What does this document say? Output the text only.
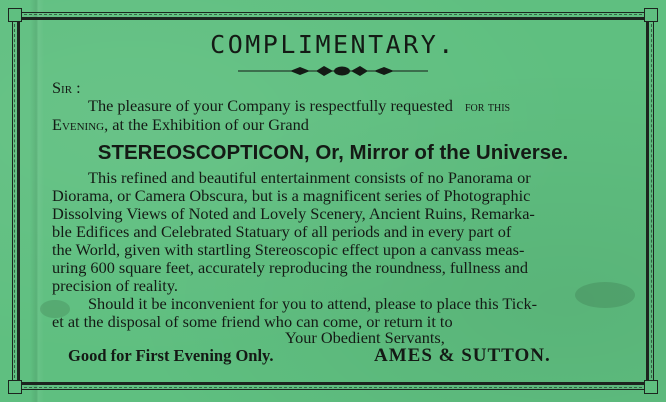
COMPLIMENTARY.
Sir :
The pleasure of your Company is respectfully requested for this
Evening, at the Exhibition of our Grand
STEREOSCOPTICON, Or, Mirror of the Universe.
This refined and beautiful entertainment consists of no Panorama or
Diorama, or Camera Obscura, but is a magnificent series of Photographic
Dissolving Views of Noted and Lovely Scenery, Ancient Ruins, Remarka-
ble Edifices and Celebrated Statuary of all periods and in every part of
the World, given with startling Stereoscopic effect upon a canvass meas-
uring 600 square feet, accurately reproducing the roundness, fullness and
precision of reality.
Should it be inconvenient for you to attend, please to place this Tick-
et at the disposal of some friend who can come, or return it to
Your Obedient Servants,
Good for First Evening Only.	AMES & SUTTON.
